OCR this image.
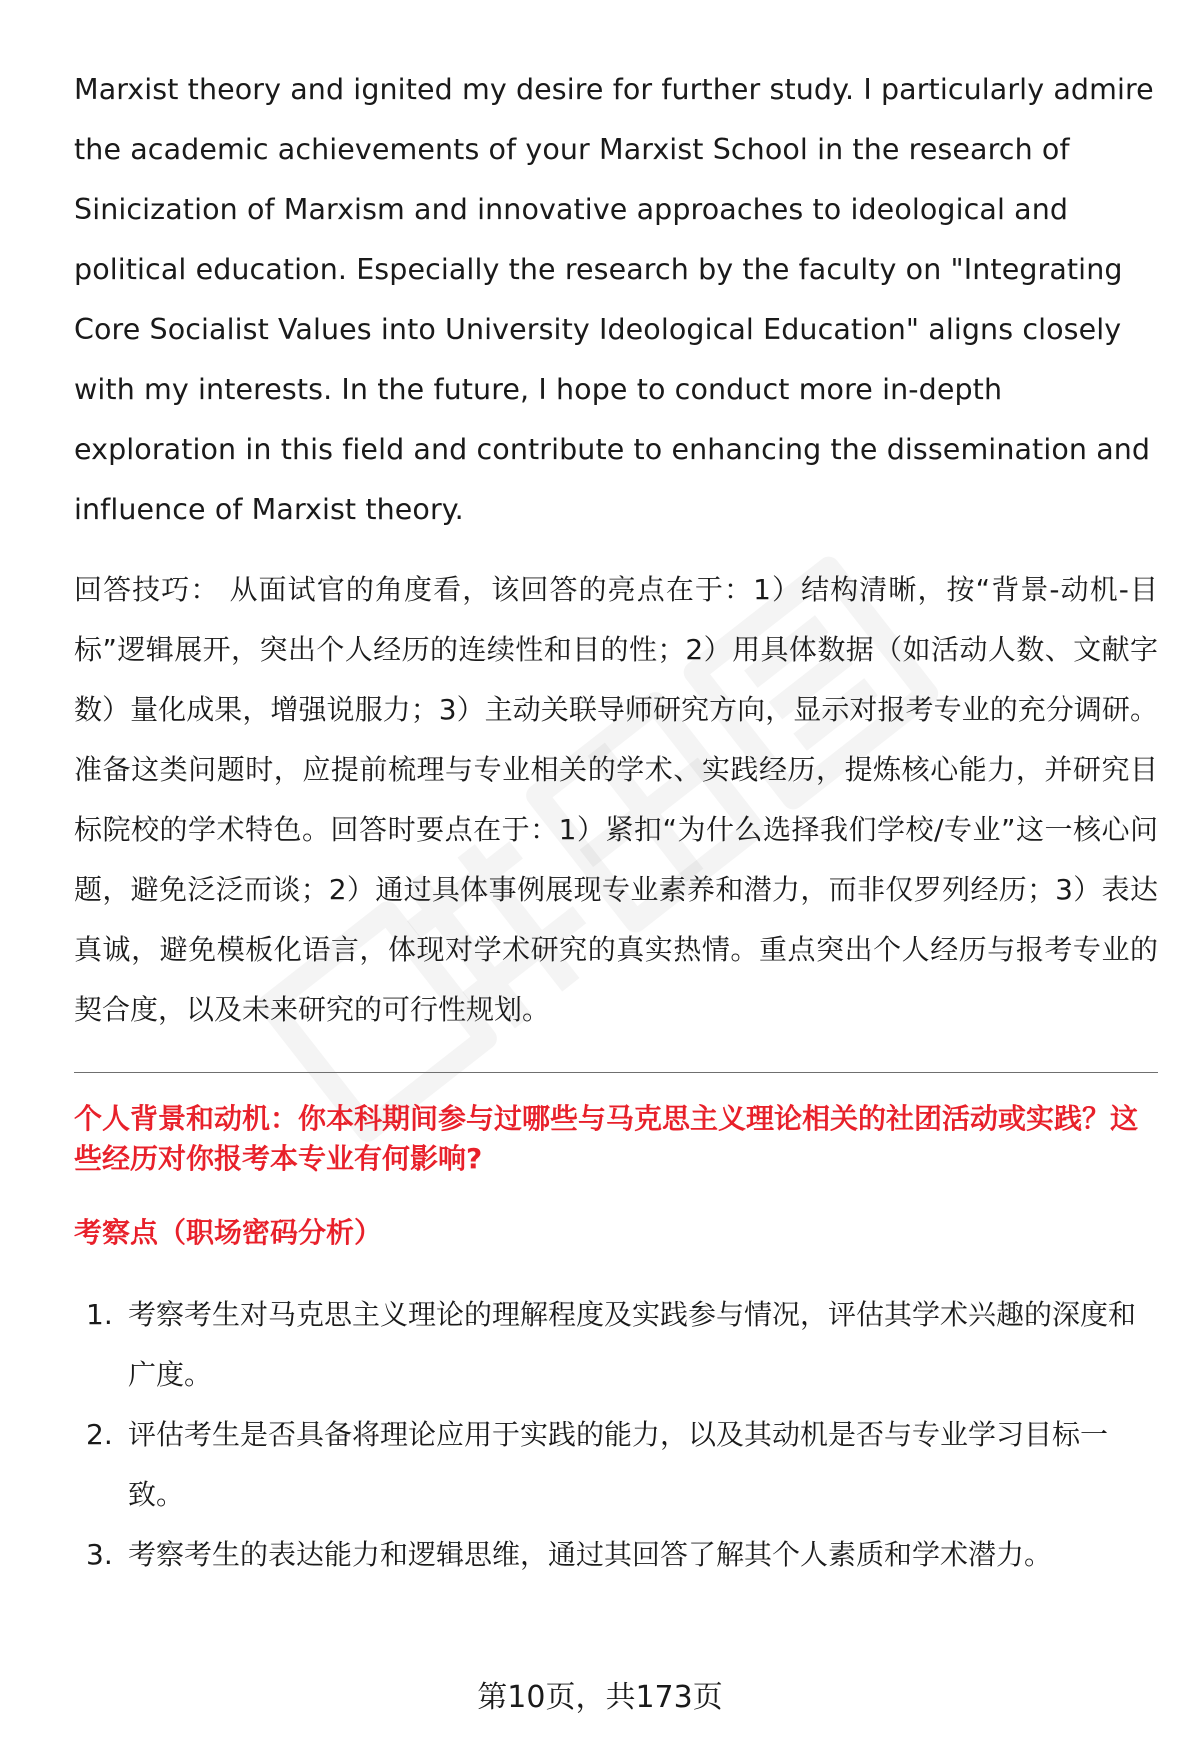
Marxist theory and ignited my desire for further study. I particularly admire the academic achievements of your Marxist School in the research of Sinicization of Marxism and innovative approaches to ideological and political education. Especially the research by the faculty on "Integrating Core Socialist Values into University Ideological Education" aligns closely with my interests. In the future, I hope to conduct more in-depth exploration in this field and contribute to enhancing the dissemination and influence of Marxist theory.

回答技巧： 从面试官的角度看，该回答的亮点在于：1）结构清晰，按“背景-动机-目标”逻辑展开，突出个人经历的连续性和目的性；2）用具体数据（如活动人数、文献字数）量化成果，增强说服力；3）主动关联导师研究方向，显示对报考专业的充分调研。准备这类问题时，应提前梳理与专业相关的学术、实践经历，提炼核心能力，并研究目标院校的学术特色。回答时要点在于：1）紧扣“为什么选择我们学校/专业”这一核心问题，避免泛泛而谈；2）通过具体事例展现专业素养和潜力，而非仅罗列经历；3）表达真诚，避免模板化语言，体现对学术研究的真实热情。重点突出个人经历与报考专业的契合度，以及未来研究的可行性规划。

个人背景和动机：你本科期间参与过哪些与马克思主义理论相关的社团活动或实践？这些经历对你报考本专业有何影响?

考察点（职场密码分析）

1. 考察考生对马克思主义理论的理解程度及实践参与情况，评估其学术兴趣的深度和广度。
2. 评估考生是否具备将理论应用于实践的能力，以及其动机是否与专业学习目标一致。
3. 考察考生的表达能力和逻辑思维，通过其回答了解其个人素质和学术潜力。
第10页，共173页
